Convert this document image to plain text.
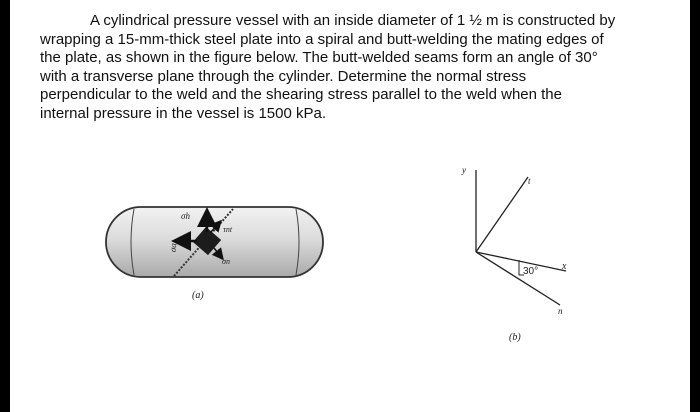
A cylindrical pressure vessel with an inside diameter of 1 ½ m is constructed by
wrapping a 15-mm-thick steel plate into a spiral and butt-welding the mating edges of
the plate, as shown in the figure below. The butt-welded seams form an angle of 30°
with a transverse plane through the cylinder. Determine the normal stress
perpendicular to the weld and the shearing stress parallel to the weld when the
internal pressure in the vessel is 1500 kPa.

σh
σa
τnt
σn
(a)
y
t
x
n
30°
(b)
